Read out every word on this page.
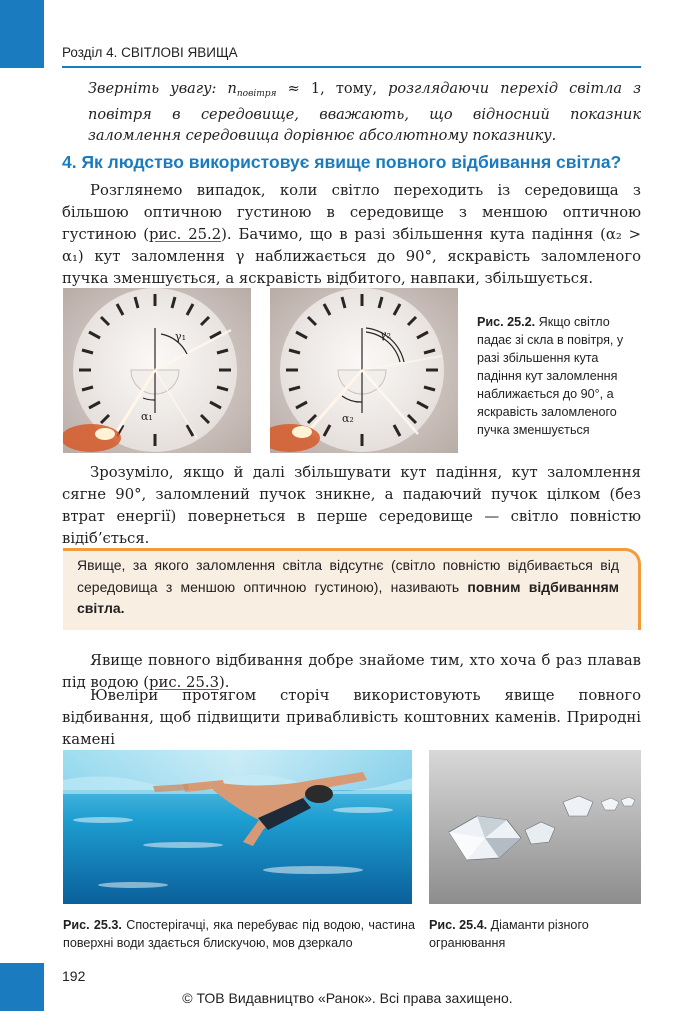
Розділ 4. СВІТЛОВІ ЯВИЩА

Зверніть увагу: $n_{повітря} \approx 1$, тому, розглядаючи перехід світла з повітря в середовище, вважають, що відносний показник заломлення середовища дорівнює абсолютному показнику.

4. Як людство використовує явище повного відбивання світла?

Розглянемо випадок, коли світло переходить із середовища з більшою оптичною густиною в середовище з меншою оптичною густиною (рис. 25.2). Бачимо, що в разі збільшення кута падіння (α₂ > α₁) кут заломлення γ наближається до 90°, яскравість заломленого пучка зменшується, а яскравість відбитого, навпаки, збільшується.

γ₁
α₁
γ₂
α₂

Рис. 25.2. Якщо світло падає зі скла в повітря, у разі збільшення кута падіння кут заломлення наближається до 90°, а яскравість заломленого пучка зменшується

Зрозуміло, якщо й далі збільшувати кут падіння, кут заломлення сягне 90°, заломлений пучок зникне, а падаючий пучок цілком (без втрат енергії) повернеться в перше середовище — світло повністю відіб’ється.

Явище, за якого заломлення світла відсутнє (світло повністю відбивається від середовища з меншою оптичною густиною), називають повним відбиванням світла.

Явище повного відбивання добре знайоме тим, хто хоча б раз плавав під водою (рис. 25.3).

Ювеліри протягом сторіч використовують явище повного відбивання, щоб підвищити привабливість коштовних каменів. Природні камені

Рис. 25.3. Спостерігачці, яка перебуває під водою, частина поверхні води здається блискучою, мов дзеркало

Рис. 25.4. Діаманти різного огранювання

192
© ТОВ Видавництво «Ранок». Всі права захищено.
